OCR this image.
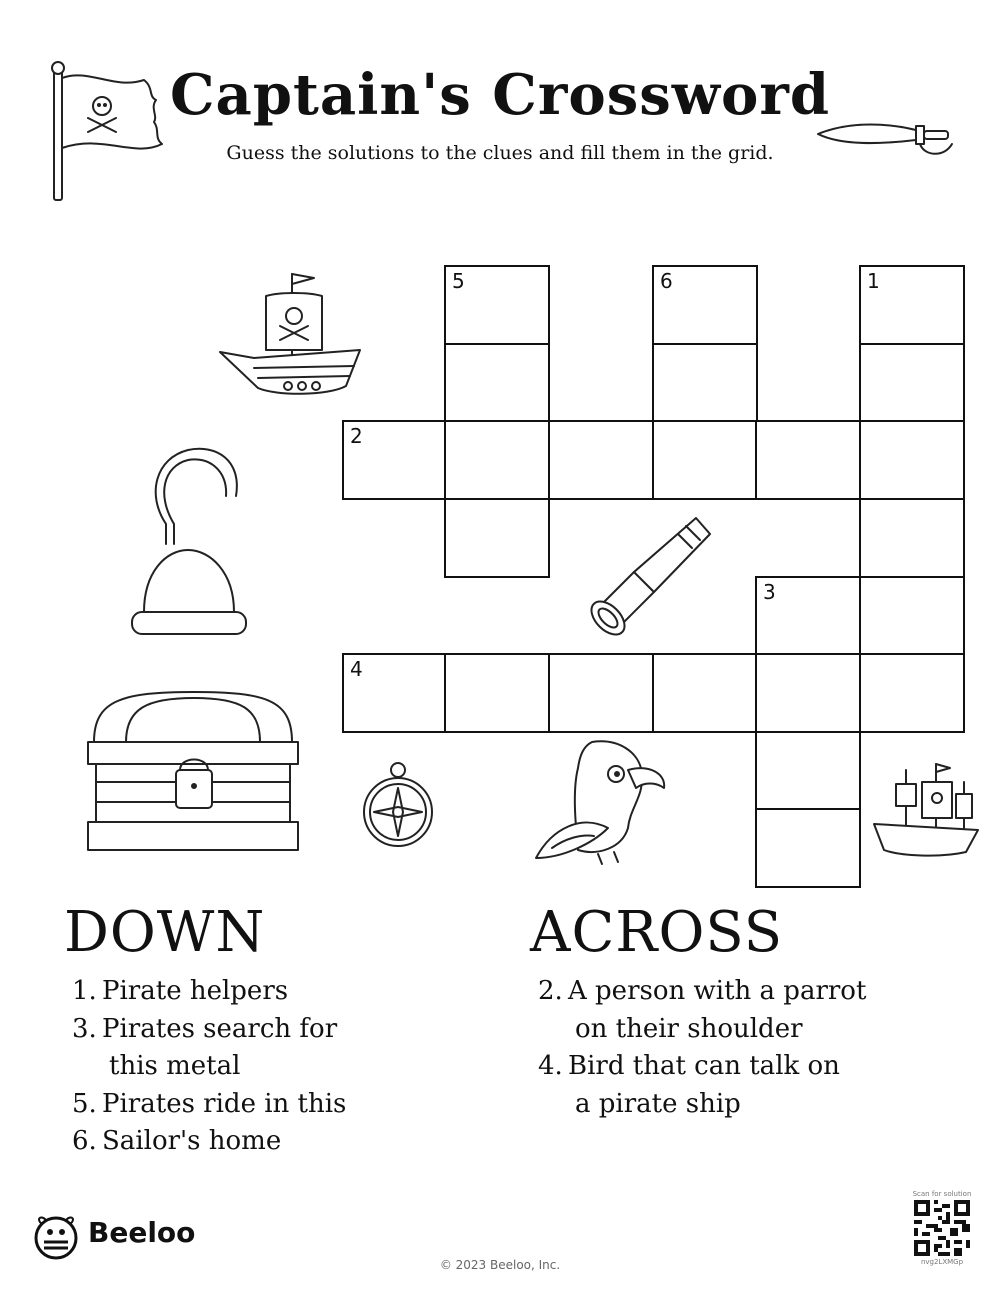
Captain's Crossword
Guess the solutions to the clues and fill them in the grid.
5	6	1
2
3
4
DOWN
1. Pirate helpers
3. Pirates search for
this metal
5. Pirates ride in this
6. Sailor's home
ACROSS
2. A person with a parrot
on their shoulder
4. Bird that can talk on
a pirate ship
Beeloo
© 2023 Beeloo, Inc.
Scan for solution
nvg2LXMGp
